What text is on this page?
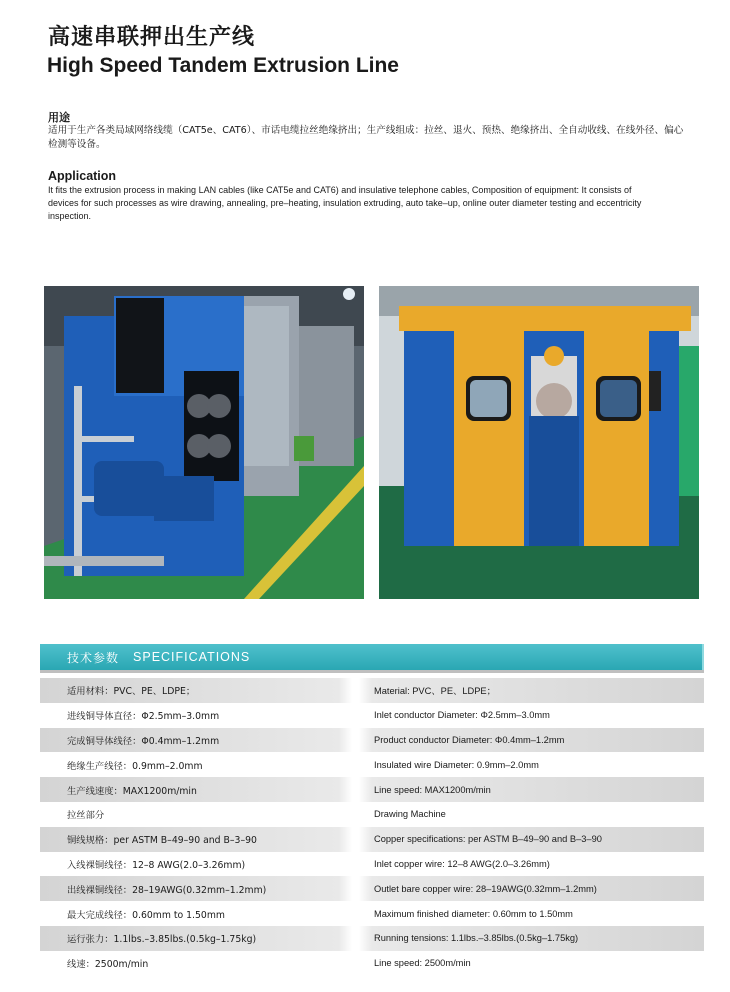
高速串联押出生产线
High Speed Tandem Extrusion Line
用途

适用于生产各类局域网络线缆（CAT5e、CAT6）、市话电缆拉丝绝缘挤出；生产线组成：拉丝、退火、预热、绝缘挤出、全自动收线、在线外径、偏心检测等设备。

Application

It fits the extrusion process in making LAN cables (like CAT5e and CAT6) and insulative telephone cables, Composition of equipment: It consists of devices for such processes as wire drawing, annealing, pre–heating, insulation extruding, auto take–up, online outer diameter testing and eccentricity inspection.

技术参数 SPECIFICATIONS
适用材料：PVC、PE、LDPE；	Material: PVC、PE、LDPE；
进线铜导体直径：Φ2.5mm–3.0mm	Inlet conductor Diameter: Φ2.5mm–3.0mm
完成铜导体线径：Φ0.4mm–1.2mm	Product conductor Diameter: Φ0.4mm–1.2mm
绝缘生产线径：0.9mm–2.0mm	Insulated wire Diameter: 0.9mm–2.0mm
生产线速度：MAX1200m/min	Line speed: MAX1200m/min
拉丝部分	Drawing Machine
铜线规格：per ASTM B–49–90 and B–3–90	Copper specifications: per ASTM B–49–90 and B–3–90
入线裸铜线径：12–8 AWG(2.0–3.26mm)	Inlet copper wire: 12–8 AWG(2.0–3.26mm)
出线裸铜线径：28–19AWG(0.32mm–1.2mm)	Outlet bare copper wire: 28–19AWG(0.32mm–1.2mm)
最大完成线径：0.60mm to 1.50mm	Maximum finished diameter: 0.60mm to 1.50mm
运行张力：1.1lbs.–3.85lbs.(0.5kg–1.75kg)	Running tensions: 1.1lbs.–3.85lbs.(0.5kg–1.75kg)
线速：2500m/min	Line speed: 2500m/min
